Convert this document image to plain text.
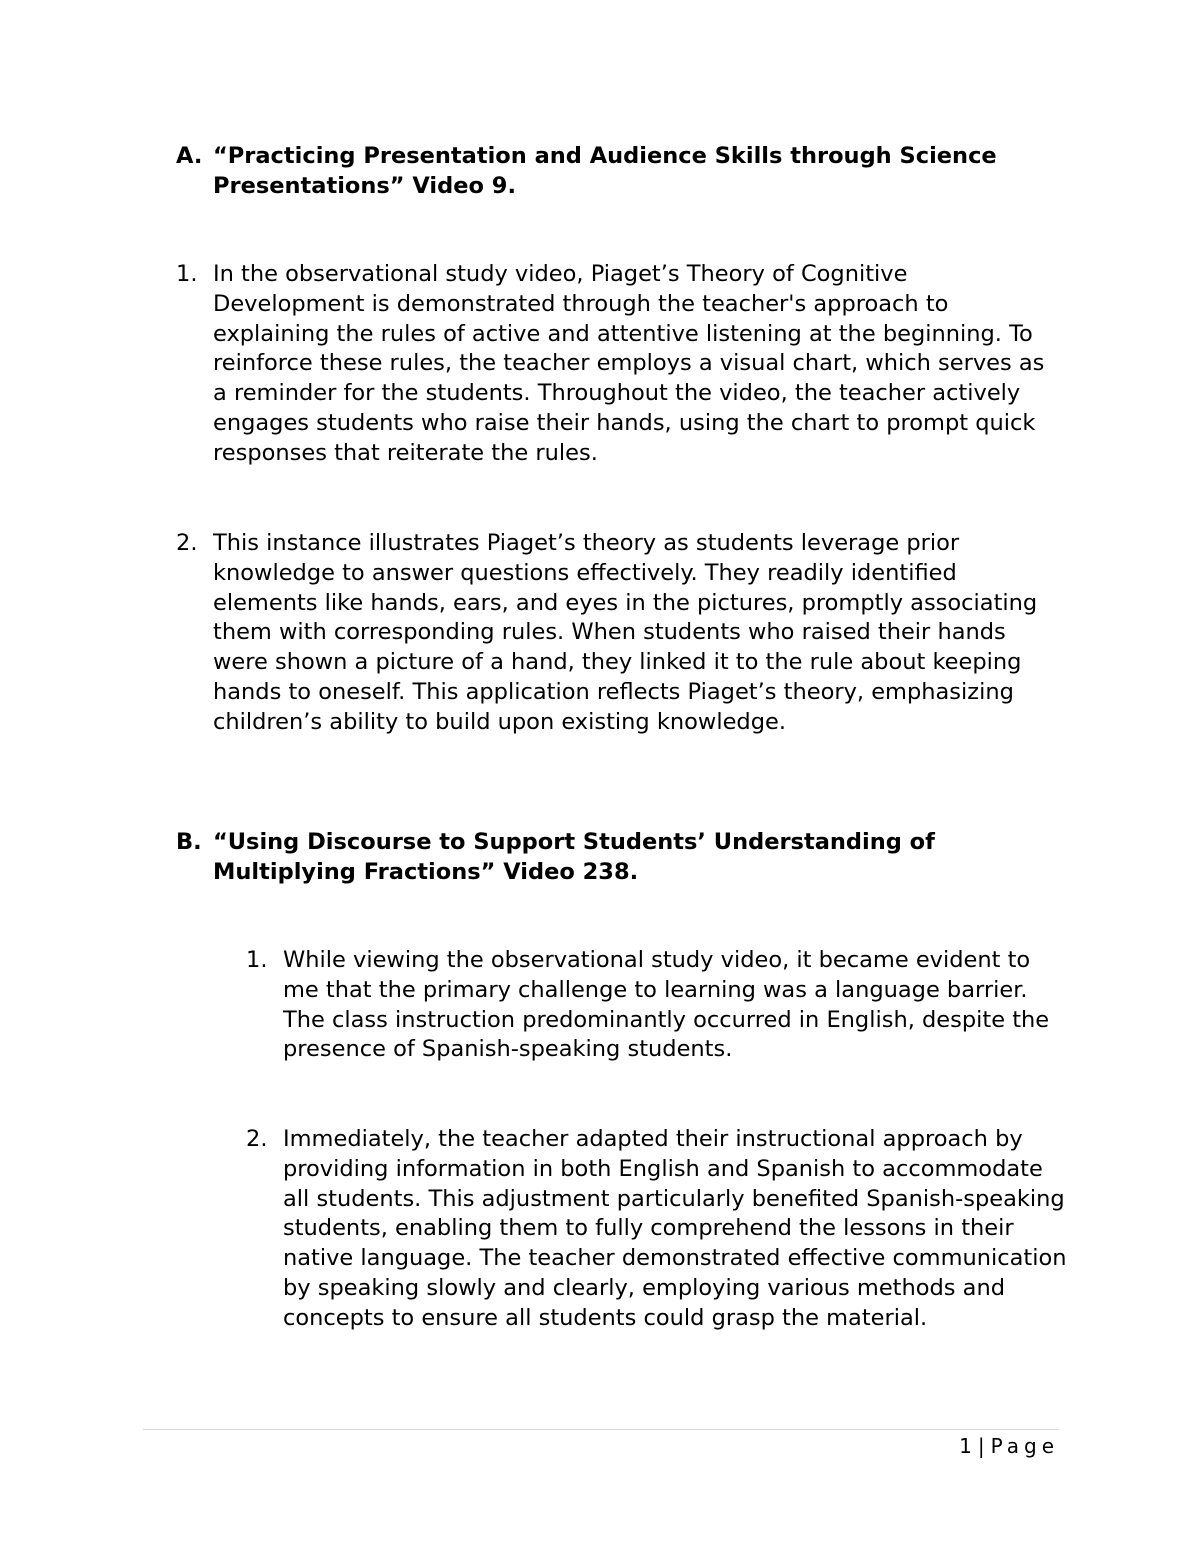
A. “Practicing Presentation and Audience Skills through Science
Presentations” Video 9.
1. In the observational study video, Piaget’s Theory of Cognitive Development is demonstrated through the teacher's approach to explaining the rules of active and attentive listening at the beginning. To reinforce these rules, the teacher employs a visual chart, which serves as a reminder for the students. Throughout the video, the teacher actively engages students who raise their hands, using the chart to prompt quick responses that reiterate the rules.
2. This instance illustrates Piaget’s theory as students leverage prior knowledge to answer questions effectively. They readily identified elements like hands, ears, and eyes in the pictures, promptly associating them with corresponding rules. When students who raised their hands were shown a picture of a hand, they linked it to the rule about keeping hands to oneself. This application reflects Piaget’s theory, emphasizing children’s ability to build upon existing knowledge.
B. “Using Discourse to Support Students’ Understanding of
Multiplying Fractions” Video 238.
1. While viewing the observational study video, it became evident to me that the primary challenge to learning was a language barrier. The class instruction predominantly occurred in English, despite the presence of Spanish-speaking students.
2. Immediately, the teacher adapted their instructional approach by providing information in both English and Spanish to accommodate all students. This adjustment particularly benefited Spanish-speaking students, enabling them to fully comprehend the lessons in their native language. The teacher demonstrated effective communication by speaking slowly and clearly, employing various methods and concepts to ensure all students could grasp the material.
1 | Page
